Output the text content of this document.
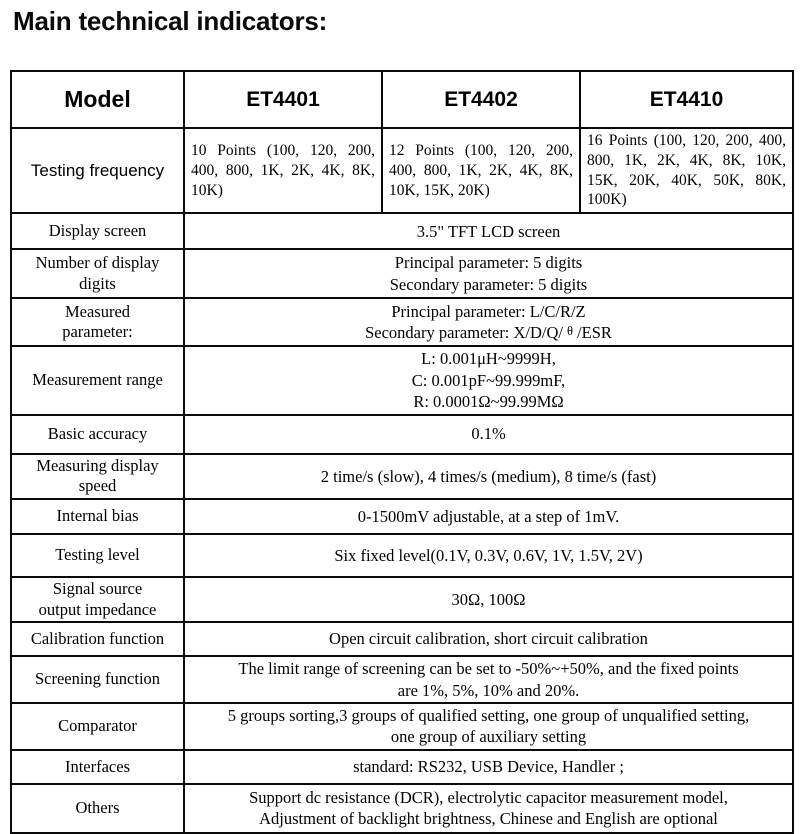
Main technical indicators:
Model	ET4401	ET4402	ET4410
Testing frequency	10 Points (100, 120, 200, 400, 800, 1K, 2K, 4K, 8K, 10K)	12 Points (100, 120, 200, 400, 800, 1K, 2K, 4K, 8K, 10K, 15K, 20K)	16 Points (100, 120, 200, 400, 800, 1K, 2K, 4K, 8K, 10K, 15K, 20K, 40K, 50K, 80K, 100K)
Display screen	3.5" TFT LCD screen		
Number of display digits	Principal parameter: 5 digits
Secondary parameter: 5 digits		

Measured parameter:	Principal parameter: L/C/R/Z
Secondary parameter: X/D/Q/ θ /ESR		

Measurement range	L: 0.001μH~9999H,
C: 0.001pF~99.999mF,
R: 0.0001Ω~99.99MΩ		

Basic accuracy	0.1%		
Measuring display speed	2 time/s (slow), 4 times/s (medium), 8 time/s (fast)		
Internal bias	0-1500mV adjustable, at a step of 1mV.		
Testing level	Six fixed level(0.1V, 0.3V, 0.6V, 1V, 1.5V, 2V)		
Signal source output impedance	30Ω, 100Ω		
Calibration function	Open circuit calibration, short circuit calibration		
Screening function	The limit range of screening can be set to -50%~+50%, and the fixed points
are 1%, 5%, 10% and 20%.		

Comparator	5 groups sorting,3 groups of qualified setting, one group of unqualified setting,
one group of auxiliary setting		

Interfaces	standard: RS232, USB Device, Handler ;		
Others	Support dc resistance (DCR), electrolytic capacitor measurement model,
Adjustment of backlight brightness, Chinese and English are optional		
